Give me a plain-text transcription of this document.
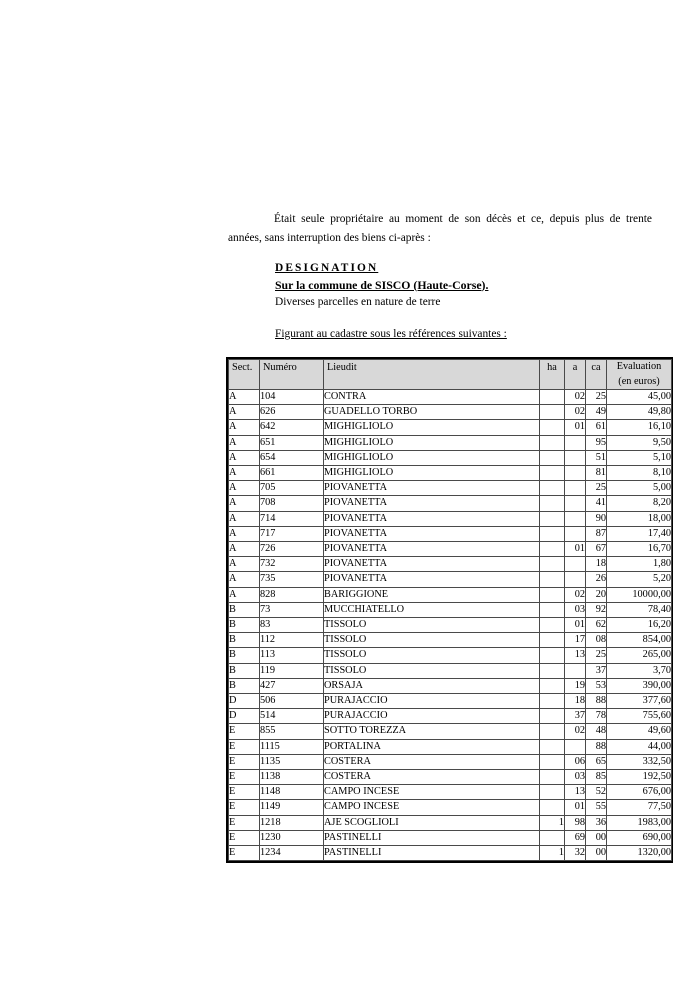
Était seule propriétaire au moment de son décès et ce, depuis plus de trente années, sans interruption des biens ci-après :

DESIGNATION
Sur la commune de SISCO (Haute-Corse).
Diverses parcelles en nature de terre
Figurant au cadastre sous les références suivantes :
Sect.	Numéro	Lieudit	ha	a	ca	Evaluation
(en euros)

A	104	CONTRA		02	25	45,00
A	626	GUADELLO TORBO		02	49	49,80
A	642	MIGHIGLIOLO		01	61	16,10
A	651	MIGHIGLIOLO			95	9,50
A	654	MIGHIGLIOLO			51	5,10
A	661	MIGHIGLIOLO			81	8,10
A	705	PIOVANETTA			25	5,00
A	708	PIOVANETTA			41	8,20
A	714	PIOVANETTA			90	18,00
A	717	PIOVANETTA			87	17,40
A	726	PIOVANETTA		01	67	16,70
A	732	PIOVANETTA			18	1,80
A	735	PIOVANETTA			26	5,20
A	828	BARIGGIONE		02	20	10000,00
B	73	MUCCHIATELLO		03	92	78,40
B	83	TISSOLO		01	62	16,20
B	112	TISSOLO		17	08	854,00
B	113	TISSOLO		13	25	265,00
B	119	TISSOLO			37	3,70
B	427	ORSAJA		19	53	390,00
D	506	PURAJACCIO		18	88	377,60
D	514	PURAJACCIO		37	78	755,60
E	855	SOTTO TOREZZA		02	48	49,60
E	1115	PORTALINA			88	44,00
E	1135	COSTERA		06	65	332,50
E	1138	COSTERA		03	85	192,50
E	1148	CAMPO INCESE		13	52	676,00
E	1149	CAMPO INCESE		01	55	77,50
E	1218	AJE SCOGLIOLI	1	98	36	1983,00
E	1230	PASTINELLI		69	00	690,00
E	1234	PASTINELLI	1	32	00	1320,00
